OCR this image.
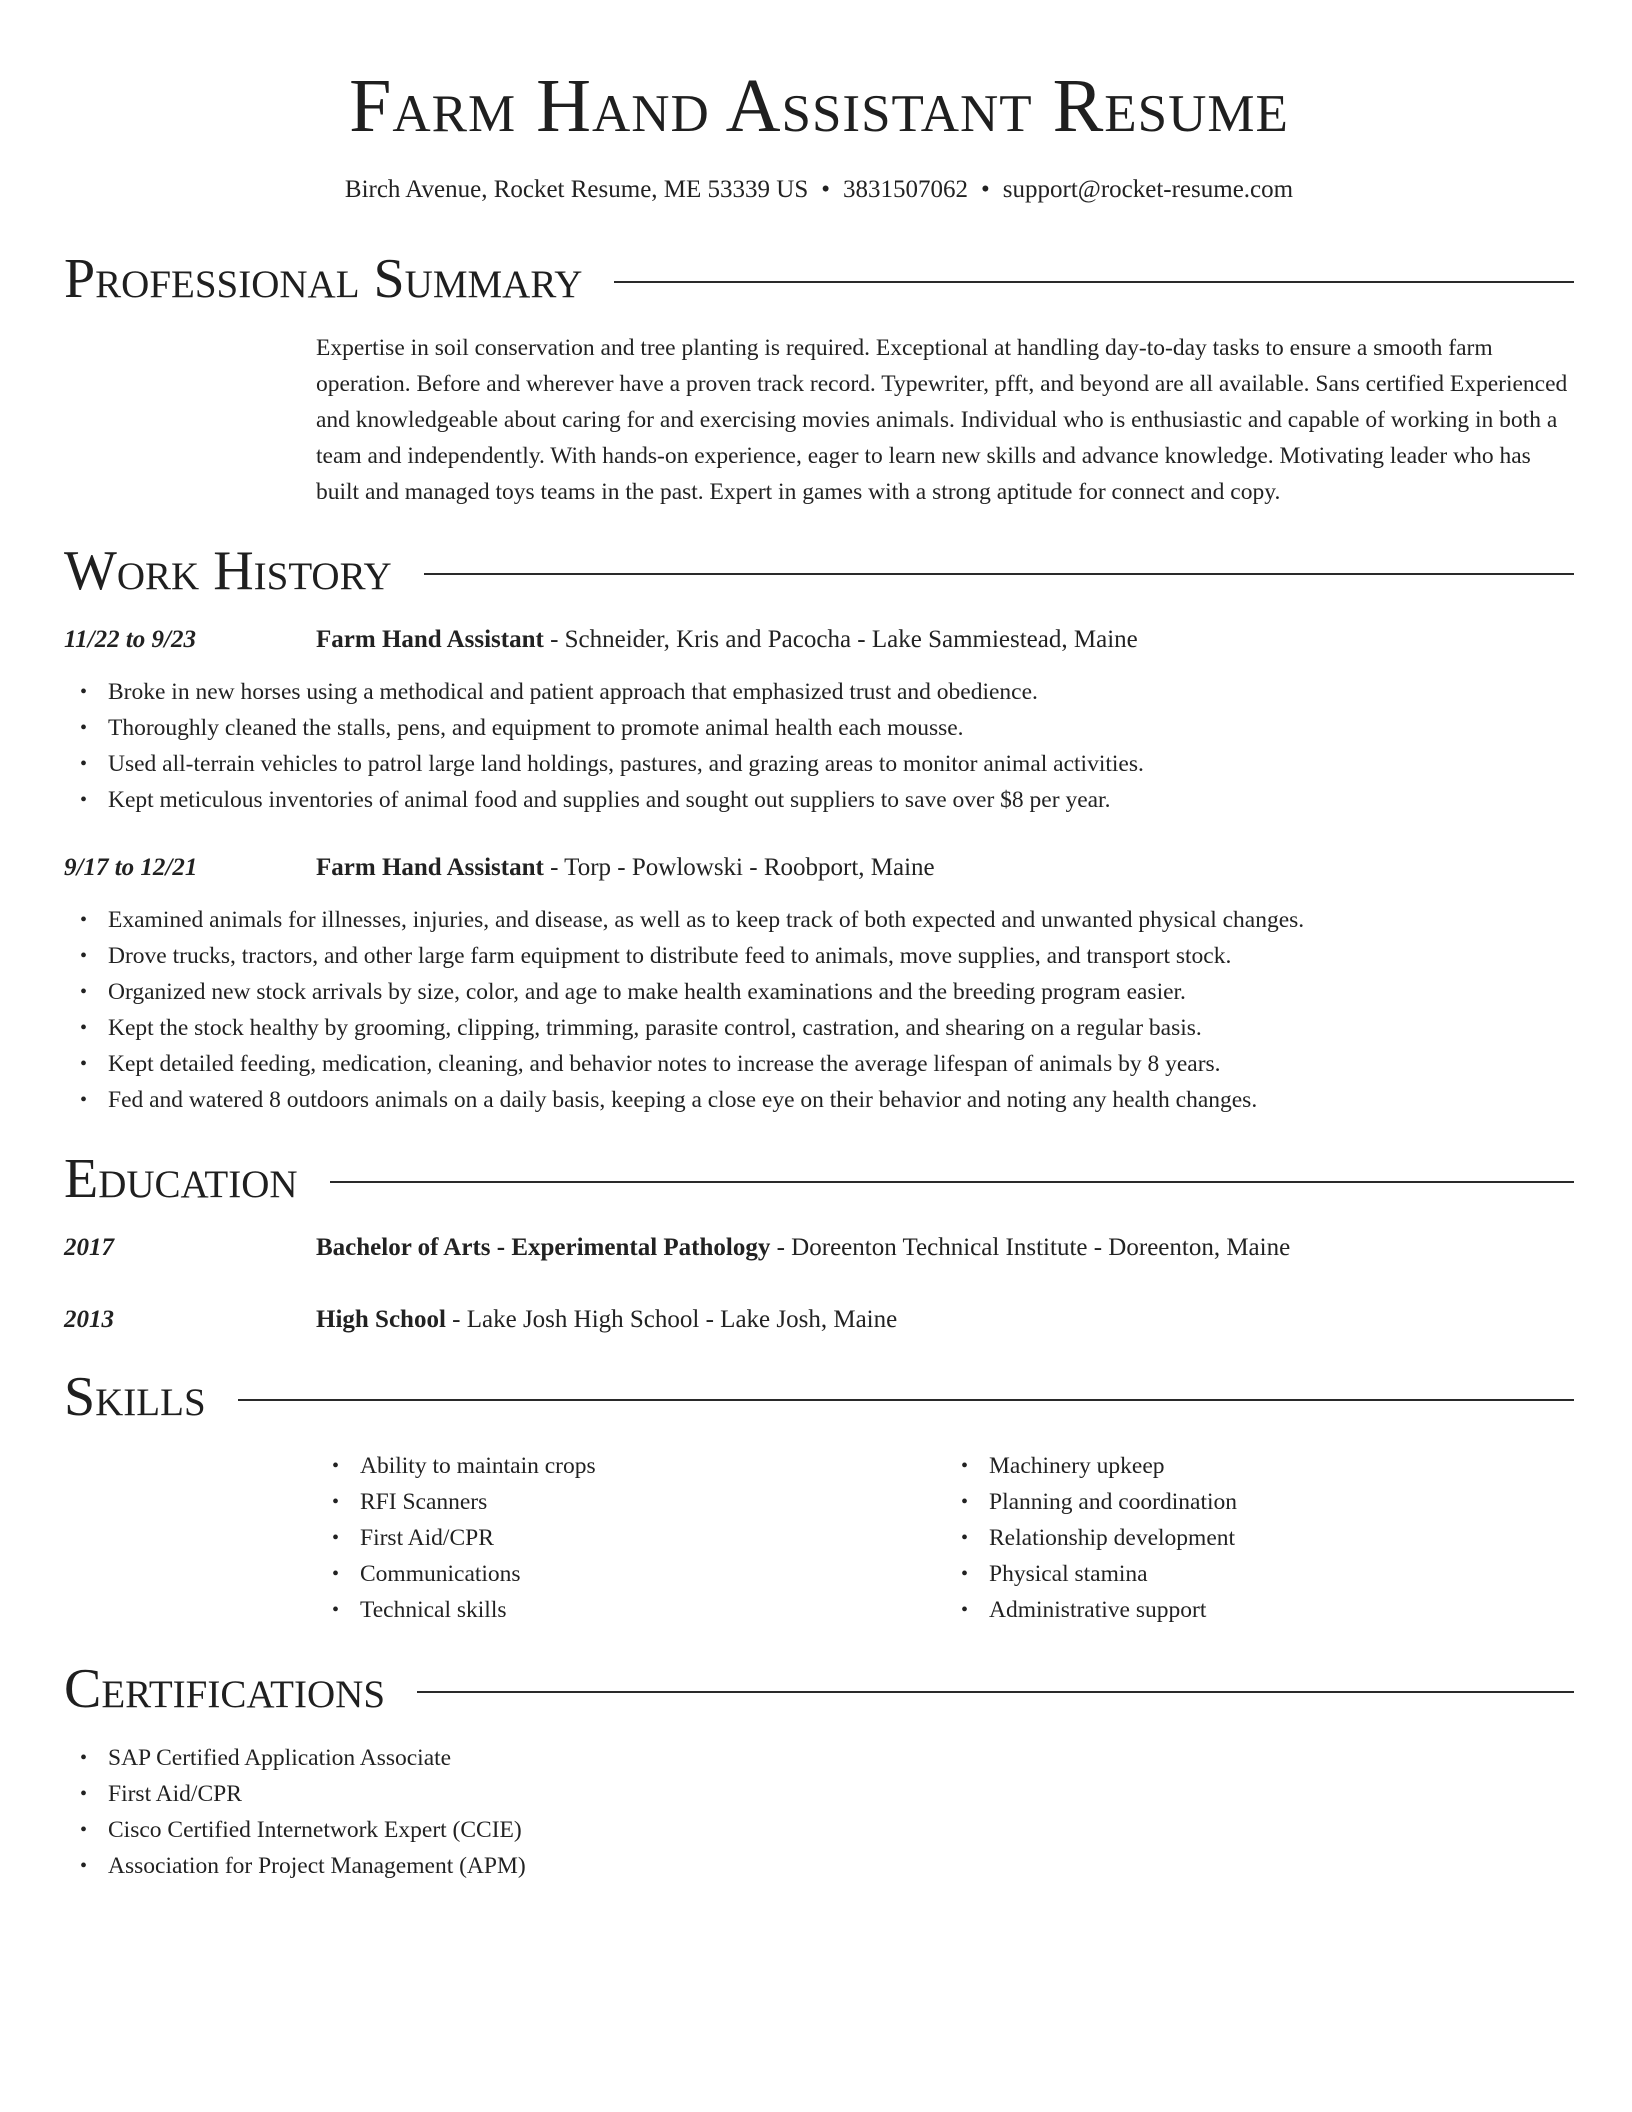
Farm Hand Assistant Resume
Birch Avenue, Rocket Resume, ME 53339 US • 3831507062 • support@rocket-resume.com
Professional Summary
Expertise in soil conservation and tree planting is required. Exceptional at handling day-to-day tasks to ensure a smooth farm operation. Before and wherever have a proven track record. Typewriter, pfft, and beyond are all available. Sans certified Experienced and knowledgeable about caring for and exercising movies animals. Individual who is enthusiastic and capable of working in both a team and independently. With hands-on experience, eager to learn new skills and advance knowledge. Motivating leader who has built and managed toys teams in the past. Expert in games with a strong aptitude for connect and copy.
Work History
11/22 to 9/23	Farm Hand Assistant - Schneider, Kris and Pacocha - Lake Sammiestead, Maine
• Broke in new horses using a methodical and patient approach that emphasized trust and obedience.
• Thoroughly cleaned the stalls, pens, and equipment to promote animal health each mousse.
• Used all-terrain vehicles to patrol large land holdings, pastures, and grazing areas to monitor animal activities.
• Kept meticulous inventories of animal food and supplies and sought out suppliers to save over $8 per year.
9/17 to 12/21	Farm Hand Assistant - Torp - Powlowski - Roobport, Maine
• Examined animals for illnesses, injuries, and disease, as well as to keep track of both expected and unwanted physical changes.
• Drove trucks, tractors, and other large farm equipment to distribute feed to animals, move supplies, and transport stock.
• Organized new stock arrivals by size, color, and age to make health examinations and the breeding program easier.
• Kept the stock healthy by grooming, clipping, trimming, parasite control, castration, and shearing on a regular basis.
• Kept detailed feeding, medication, cleaning, and behavior notes to increase the average lifespan of animals by 8 years.
• Fed and watered 8 outdoors animals on a daily basis, keeping a close eye on their behavior and noting any health changes.
Education
2017	Bachelor of Arts - Experimental Pathology - Doreenton Technical Institute - Doreenton, Maine
2013	High School - Lake Josh High School - Lake Josh, Maine
Skills
• Ability to maintain crops
• RFI Scanners
• First Aid/CPR
• Communications
• Technical skills
• Machinery upkeep
• Planning and coordination
• Relationship development
• Physical stamina
• Administrative support
Certifications
• SAP Certified Application Associate
• First Aid/CPR
• Cisco Certified Internetwork Expert (CCIE)
• Association for Project Management (APM)
